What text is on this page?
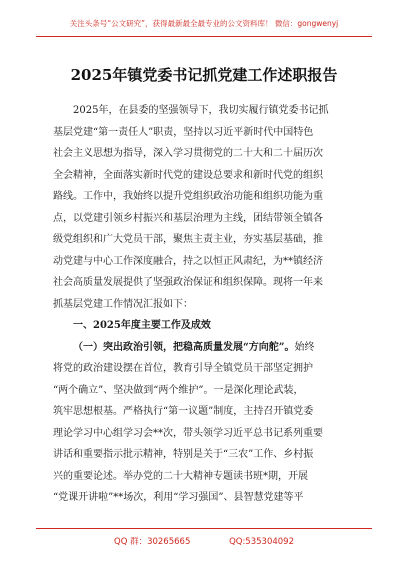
关注头条号“公文研究”，获得最新最全最专业的公文资料库！ 微信：gongwenyj
2025年镇党委书记抓党建工作述职报告
2025年，在县委的坚强领导下，我切实履行镇党委书记抓
基层党建“第一责任人”职责，坚持以习近平新时代中国特色
社会主义思想为指导，深入学习贯彻党的二十大和二十届历次
全会精神，全面落实新时代党的建设总要求和新时代党的组织
路线。工作中，我始终以提升党组织政治功能和组织功能为重
点，以党建引领乡村振兴和基层治理为主线，团结带领全镇各
级党组织和广大党员干部，聚焦主责主业，夯实基层基础，推
动党建与中心工作深度融合，持之以恒正风肃纪，为**镇经济
社会高质量发展提供了坚强政治保证和组织保障。现将一年来
抓基层党建工作情况汇报如下：
一、2025年度主要工作及成效
（一）突出政治引领，把稳高质量发展“方向舵”。始终
将党的政治建设摆在首位，教育引导全镇党员干部坚定拥护
“两个确立”、坚决做到“两个维护”。一是深化理论武装，
筑牢思想根基。严格执行“第一议题”制度，主持召开镇党委
理论学习中心组学习会**次，带头领学习近平总书记系列重要
讲话和重要指示批示精神，特别是关于“三农”工作、乡村振
兴的重要论述。举办党的二十大精神专题读书班*期，开展
“党课开讲啦”**场次，利用“学习强国”、县智慧党建等平
QQ 群：30265665	QQ:535304092
